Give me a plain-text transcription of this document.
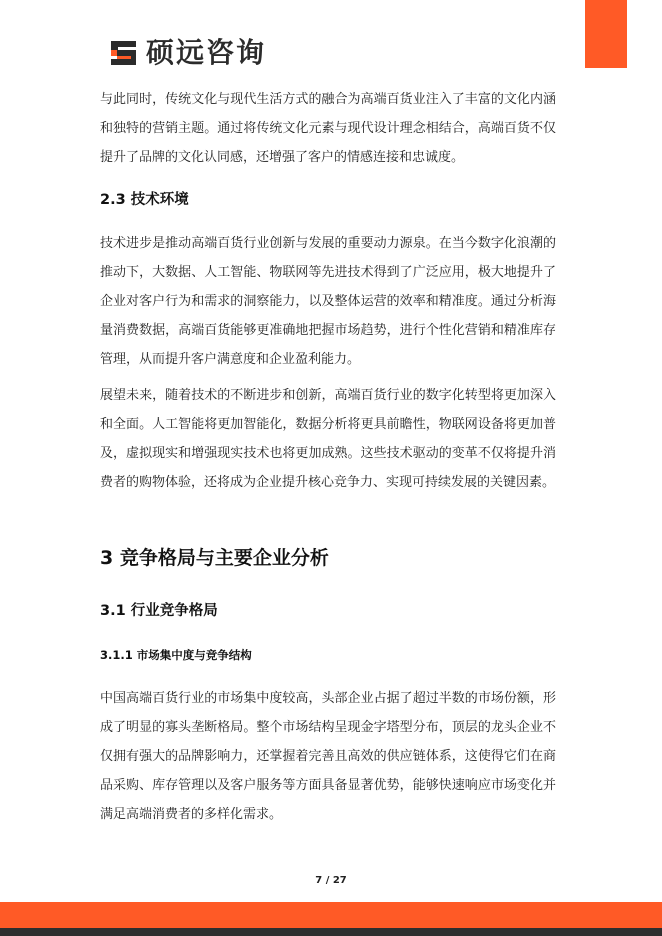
硕远咨询

与此同时，传统文化与现代生活方式的融合为高端百货业注入了丰富的文化内涵和独特的营销主题。通过将传统文化元素与现代设计理念相结合，高端百货不仅提升了品牌的文化认同感，还增强了客户的情感连接和忠诚度。

2.3 技术环境

技术进步是推动高端百货行业创新与发展的重要动力源泉。在当今数字化浪潮的推动下，大数据、人工智能、物联网等先进技术得到了广泛应用，极大地提升了企业对客户行为和需求的洞察能力，以及整体运营的效率和精准度。通过分析海量消费数据，高端百货能够更准确地把握市场趋势，进行个性化营销和精准库存管理，从而提升客户满意度和企业盈利能力。

展望未来，随着技术的不断进步和创新，高端百货行业的数字化转型将更加深入和全面。人工智能将更加智能化，数据分析将更具前瞻性，物联网设备将更加普及，虚拟现实和增强现实技术也将更加成熟。这些技术驱动的变革不仅将提升消费者的购物体验，还将成为企业提升核心竞争力、实现可持续发展的关键因素。

3 竞争格局与主要企业分析
3.1 行业竞争格局
3.1.1 市场集中度与竞争结构

中国高端百货行业的市场集中度较高，头部企业占据了超过半数的市场份额，形成了明显的寡头垄断格局。整个市场结构呈现金字塔型分布，顶层的龙头企业不仅拥有强大的品牌影响力，还掌握着完善且高效的供应链体系，这使得它们在商品采购、库存管理以及客户服务等方面具备显著优势，能够快速响应市场变化并满足高端消费者的多样化需求。

7 / 27
